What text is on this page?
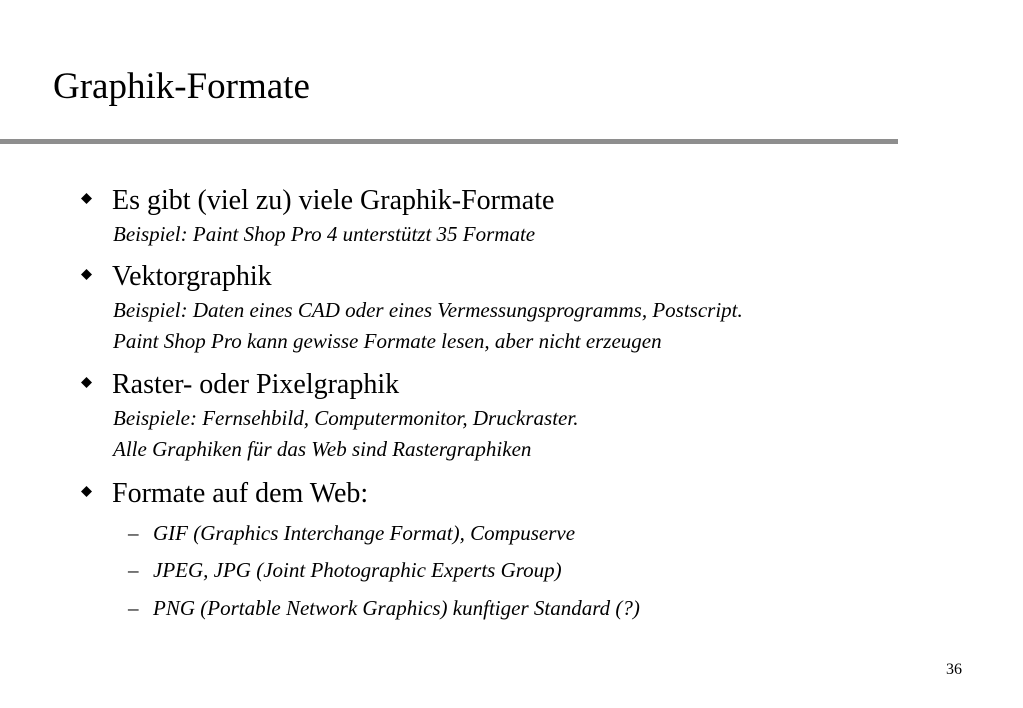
Graphik-Formate
Es gibt (viel zu) viele Graphik-Formate
Beispiel: Paint Shop Pro 4 unterstützt 35 Formate
Vektorgraphik
Beispiel: Daten eines CAD oder eines Vermessungsprogramms, Postscript.
Paint Shop Pro kann gewisse Formate lesen, aber nicht erzeugen
Raster- oder Pixelgraphik
Beispiele: Fernsehbild, Computermonitor, Druckraster.
Alle Graphiken für das Web sind Rastergraphiken
Formate auf dem Web:
– GIF (Graphics Interchange Format), Compuserve
– JPEG, JPG (Joint Photographic Experts Group)
– PNG (Portable Network Graphics) kunftiger Standard (?)
36
